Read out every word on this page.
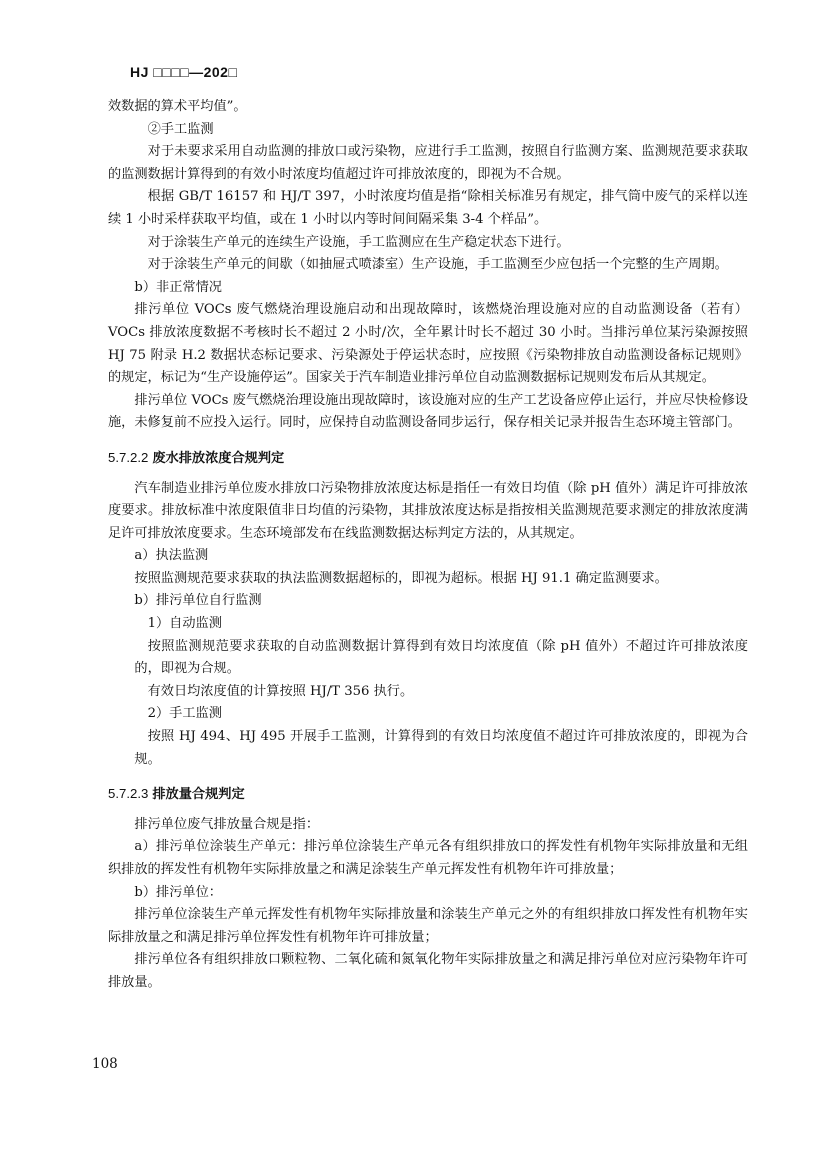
HJ □□□□—202□

效数据的算术平均值”。

②手工监测

对于未要求采用自动监测的排放口或污染物，应进行手工监测，按照自行监测方案、监测规范要求获取的监测数据计算得到的有效小时浓度均值超过许可排放浓度的，即视为不合规。

根据 GB/T 16157 和 HJ/T 397，小时浓度均值是指“除相关标准另有规定，排气筒中废气的采样以连续 1 小时采样获取平均值，或在 1 小时以内等时间间隔采集 3-4 个样品”。

对于涂装生产单元的连续生产设施，手工监测应在生产稳定状态下进行。

对于涂装生产单元的间歇（如抽屉式喷漆室）生产设施，手工监测至少应包括一个完整的生产周期。

b）非正常情况

排污单位 VOCs 废气燃烧治理设施启动和出现故障时，该燃烧治理设施对应的自动监测设备（若有）VOCs 排放浓度数据不考核时长不超过 2 小时/次，全年累计时长不超过 30 小时。当排污单位某污染源按照 HJ 75 附录 H.2 数据状态标记要求、污染源处于停运状态时，应按照《污染物排放自动监测设备标记规则》的规定，标记为“生产设施停运”。国家关于汽车制造业排污单位自动监测数据标记规则发布后从其规定。

排污单位 VOCs 废气燃烧治理设施出现故障时，该设施对应的生产工艺设备应停止运行，并应尽快检修设施，未修复前不应投入运行。同时，应保持自动监测设备同步运行，保存相关记录并报告生态环境主管部门。

5.7.2.2 废水排放浓度合规判定

汽车制造业排污单位废水排放口污染物排放浓度达标是指任一有效日均值（除 pH 值外）满足许可排放浓度要求。排放标准中浓度限值非日均值的污染物，其排放浓度达标是指按相关监测规范要求测定的排放浓度满足许可排放浓度要求。生态环境部发布在线监测数据达标判定方法的，从其规定。

a）执法监测

按照监测规范要求获取的执法监测数据超标的，即视为超标。根据 HJ 91.1 确定监测要求。

b）排污单位自行监测

1）自动监测

按照监测规范要求获取的自动监测数据计算得到有效日均浓度值（除 pH 值外）不超过许可排放浓度的，即视为合规。

有效日均浓度值的计算按照 HJ/T 356 执行。

2）手工监测

按照 HJ 494、HJ 495 开展手工监测，计算得到的有效日均浓度值不超过许可排放浓度的，即视为合规。

5.7.2.3 排放量合规判定

排污单位废气排放量合规是指：

a）排污单位涂装生产单元：排污单位涂装生产单元各有组织排放口的挥发性有机物年实际排放量和无组织排放的挥发性有机物年实际排放量之和满足涂装生产单元挥发性有机物年许可排放量；

b）排污单位：

排污单位涂装生产单元挥发性有机物年实际排放量和涂装生产单元之外的有组织排放口挥发性有机物年实际排放量之和满足排污单位挥发性有机物年许可排放量；

排污单位各有组织排放口颗粒物、二氧化硫和氮氧化物年实际排放量之和满足排污单位对应污染物年许可排放量。

108
